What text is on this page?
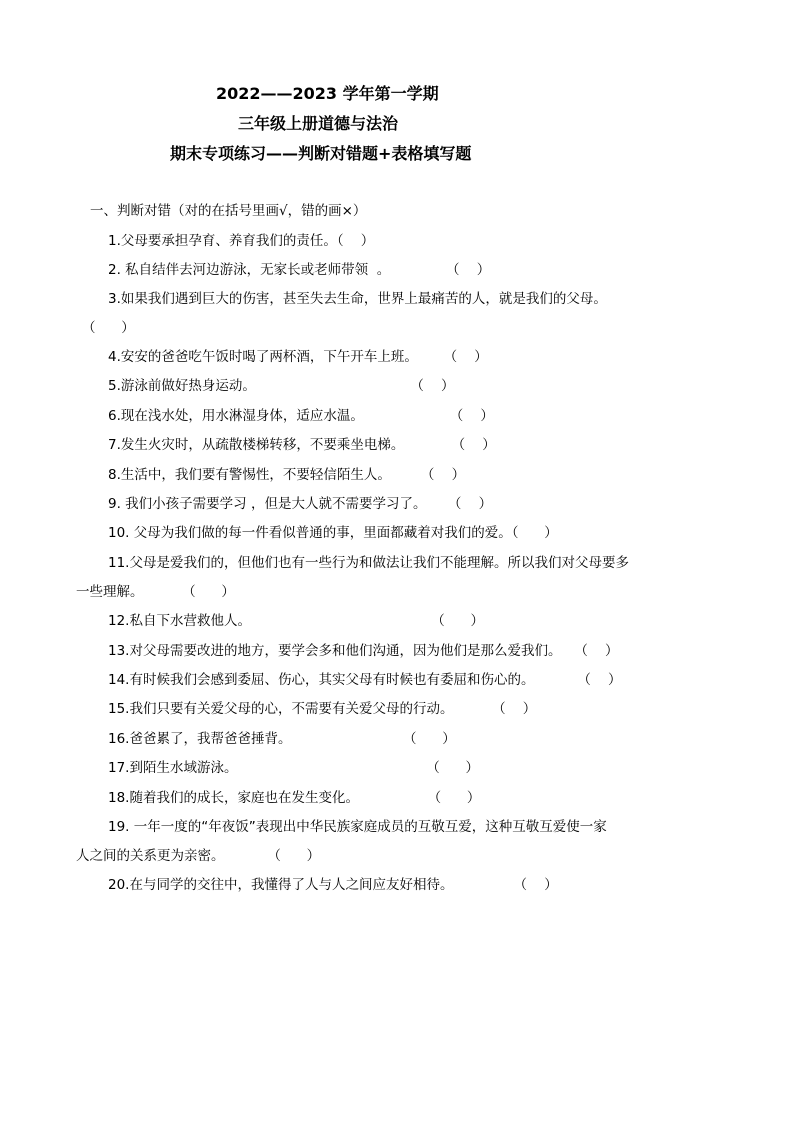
2022——2023 学年第一学期
三年级上册道德与法治
期末专项练习——判断对错题+表格填写题
一、判断对错（对的在括号里画√，错的画×）
1.父母要承担孕育、养育我们的责任。（    ）
2. 私自结伴去河边游泳，无家长或老师带领  。             （    ）
3.如果我们遇到巨大的伤害，甚至失去生命，世界上最痛苦的人，就是我们的父母。
（      ）
4.安安的爸爸吃午饭时喝了两杯酒，下午开车上班。      （    ）
5.游泳前做好热身运动。                                    （    ）
6.现在浅水处，用水淋湿身体，适应水温。                    （    ）
7.发生火灾时，从疏散楼梯转移，不要乘坐电梯。           （    ）
8.生活中，我们要有警惕性，不要轻信陌生人。       （    ）
9. 我们小孩子需要学习 ，但是大人就不需要学习了。     （    ）
10. 父母为我们做的每一件看似普通的事，里面都藏着对我们的爱。（      ）
11.父母是爱我们的，但他们也有一些行为和做法让我们不能理解。所以我们对父母要多
一些理解。         （      ）
12.私自下水营救他人。                                          （      ）
13.对父母需要改进的地方，要学会多和他们沟通，因为他们是那么爱我们。   （    ）
14.有时候我们会感到委屈、伤心，其实父母有时候也有委屈和伤心的。          （    ）
15.我们只要有关爱父母的心，不需要有关爱父母的行动。         （    ）
16.爸爸累了，我帮爸爸捶背。                          （      ）
17.到陌生水域游泳。                                            （      ）
18.随着我们的成长，家庭也在发生变化。                （      ）
19. 一年一度的“年夜饭”表现出中华民族家庭成员的互敬互爱，这种互敬互爱使一家
人之间的关系更为亲密。          （      ）
20.在与同学的交往中，我懂得了人与人之间应友好相待。              （    ）
